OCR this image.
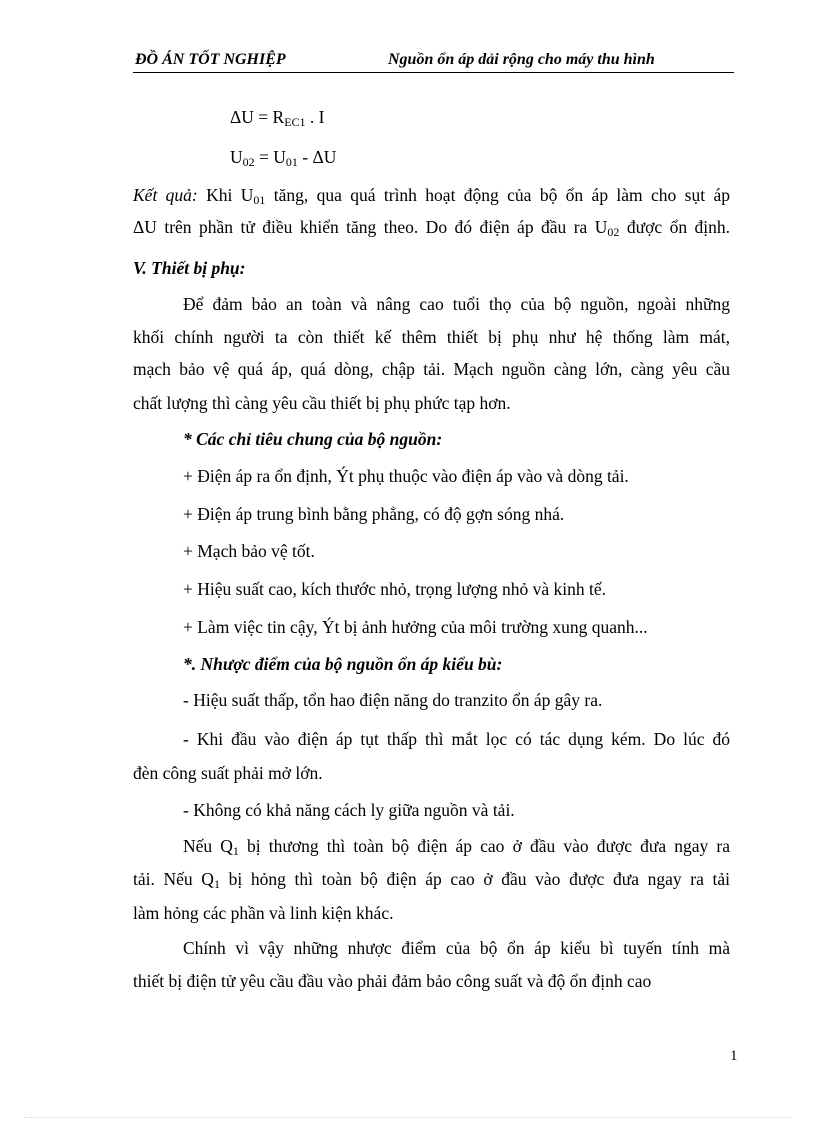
ĐỒ ÁN TỐT NGHIỆP	Nguồn ổn áp dải rộng cho máy thu hình
$\Delta U = R_{EC1}$ . I
$U_{02} = U_{01} - \Delta U$
Kết quả: Khi $U_{01}$ tăng, qua quá trình hoạt động của bộ ổn áp làm cho sụt áp
ΔU trên phần tử điều khiển tăng theo. Do đó điện áp đầu ra $U_{02}$ được ổn định.
V. Thiết bị phụ:
Để đảm bảo an toàn và nâng cao tuổi thọ của bộ nguồn, ngoài những
khối chính người ta còn thiết kế thêm thiết bị phụ như hệ thống làm mát,
mạch bảo vệ quá áp, quá dòng, chập tải. Mạch nguồn càng lớn, càng yêu cầu
chất lượng thì càng yêu cầu thiết bị phụ phức tạp hơn.
* Các chỉ tiêu chung của bộ nguồn:
+ Điện áp ra ổn định, Ýt phụ thuộc vào điện áp vào và dòng tải.
+ Điện áp trung bình bằng phẳng, có độ gợn sóng nhá.
+ Mạch bảo vệ tốt.
+ Hiệu suất cao, kích thước nhỏ, trọng lượng nhỏ và kinh tế.
+ Làm việc tin cậy, Ýt bị ảnh hưởng của môi trường xung quanh...
*. Nhược điểm của bộ nguồn ổn áp kiểu bù:
- Hiệu suất thấp, tổn hao điện năng do tranzito ổn áp gây ra.
- Khi đầu vào điện áp tụt thấp thì mắt lọc có tác dụng kém. Do lúc đó
đèn công suất phải mở lớn.
- Không có khả năng cách ly giữa nguồn và tải.
Nếu $Q_1$ bị thương thì toàn bộ điện áp cao ở đầu vào được đưa ngay ra
tải. Nếu $Q_1$ bị hỏng thì toàn bộ điện áp cao ở đầu vào được đưa ngay ra tải
làm hỏng các phần và linh kiện khác.
Chính vì vậy những nhược điểm của bộ ổn áp kiểu bì tuyến tính mà
thiết bị điện tử yêu cầu đầu vào phải đảm bảo công suất và độ ổn định cao
1
